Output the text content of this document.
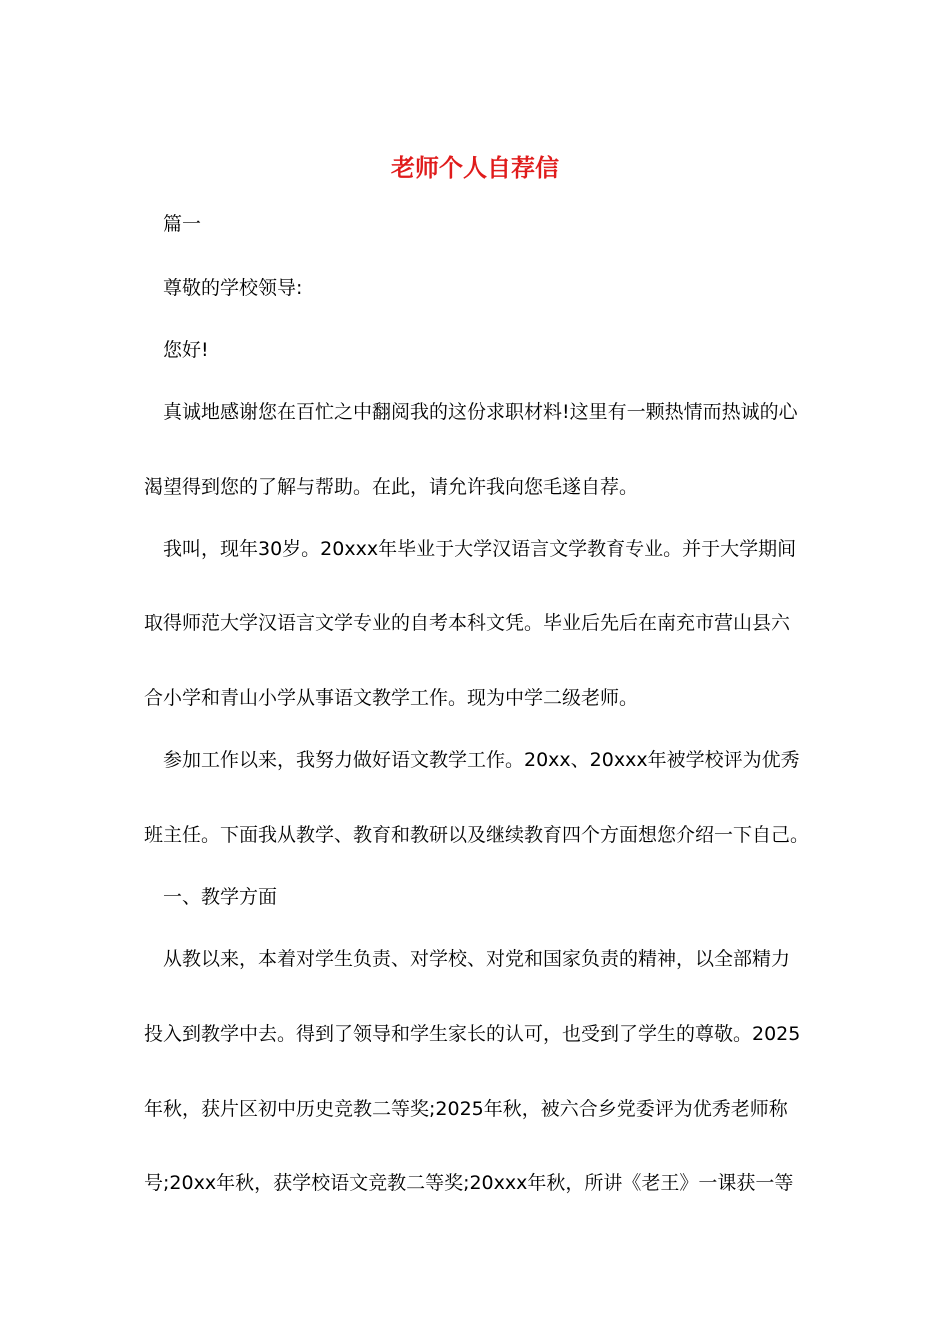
老师个人自荐信
篇一
尊敬的学校领导:
您好!
真诚地感谢您在百忙之中翻阅我的这份求职材料!这里有一颗热情而热诚的心
渴望得到您的了解与帮助。在此，请允许我向您毛遂自荐。
我叫，现年30岁。20xxx年毕业于大学汉语言文学教育专业。并于大学期间
取得师范大学汉语言文学专业的自考本科文凭。毕业后先后在南充市营山县六
合小学和青山小学从事语文教学工作。现为中学二级老师。
参加工作以来，我努力做好语文教学工作。20xx、20xxx年被学校评为优秀
班主任。下面我从教学、教育和教研以及继续教育四个方面想您介绍一下自己。
一、教学方面
从教以来，本着对学生负责、对学校、对党和国家负责的精神，以全部精力
投入到教学中去。得到了领导和学生家长的认可，也受到了学生的尊敬。2025
年秋，获片区初中历史竞教二等奖;2025年秋，被六合乡党委评为优秀老师称
号;20xx年秋，获学校语文竞教二等奖;20xxx年秋，所讲《老王》一课获一等
